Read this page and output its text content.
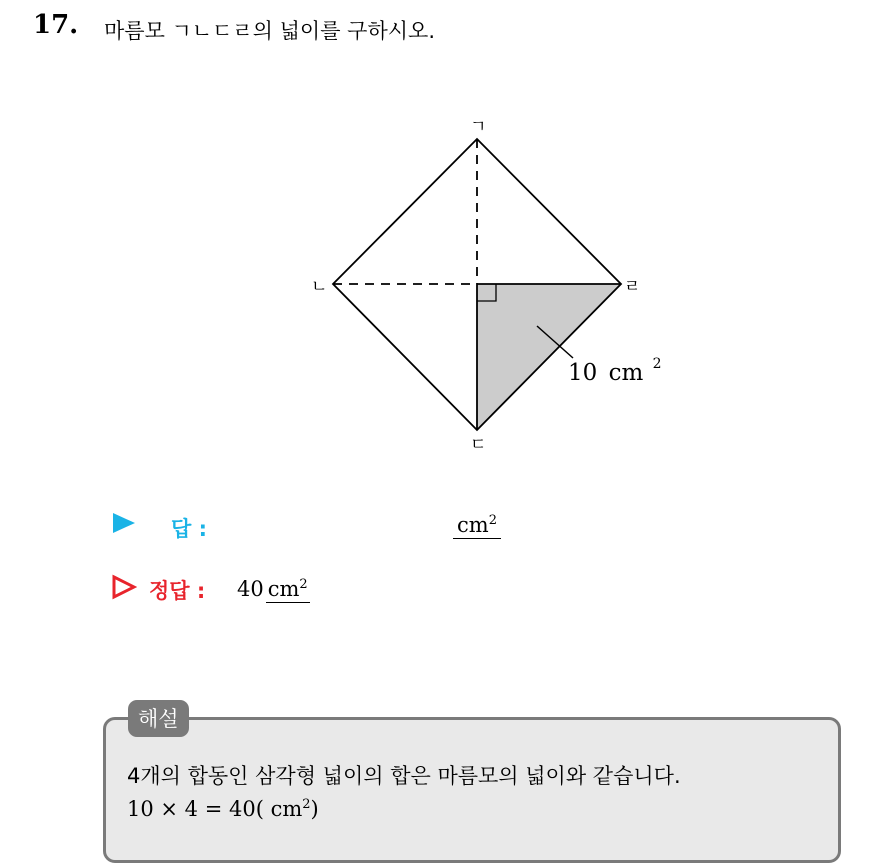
17. 마름모 ㄱㄴㄷㄹ의 넓이를 구하시오.
ㄱ
ㄴ
ㄷ
ㄹ
10 cm $^2$
답 :	$cm^2$
정답 : 40 $cm^2$
해설
4개의 합동인 삼각형 넓이의 합은 마름모의 넓이와 같습니다.
10 × 4 = 40( $cm^2$)
